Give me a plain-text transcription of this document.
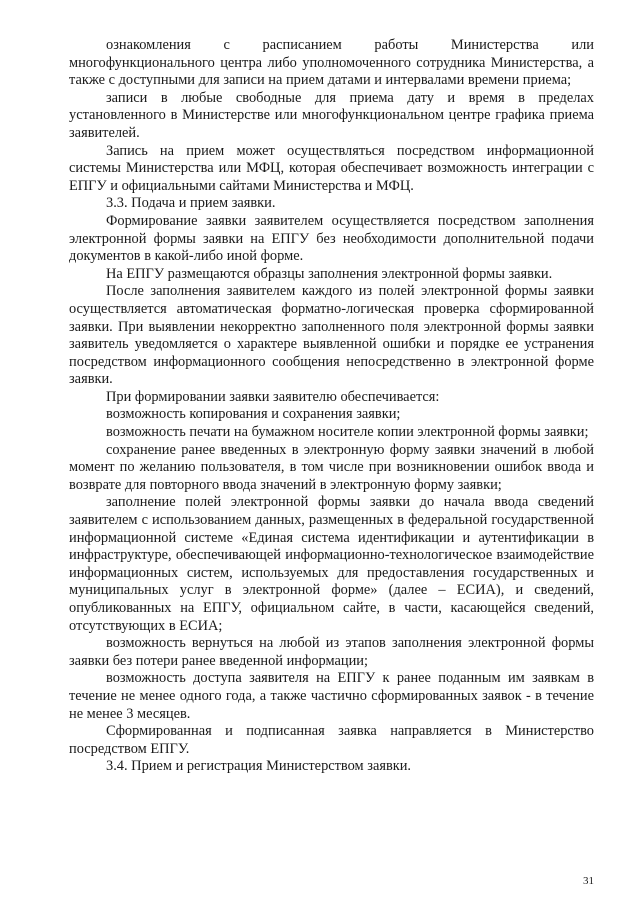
ознакомления с расписанием работы Министерства или многофункционального центра либо уполномоченного сотрудника Министерства, а также с доступными для записи на прием датами и интервалами времени приема;

записи в любые свободные для приема дату и время в пределах установленного в Министерстве или многофункциональном центре графика приема заявителей.

Запись на прием может осуществляться посредством информационной системы Министерства или МФЦ, которая обеспечивает возможность интеграции с ЕПГУ и официальными сайтами Министерства и МФЦ.

3.3. Подача и прием заявки.

Формирование заявки заявителем осуществляется посредством заполнения электронной формы заявки на ЕПГУ без необходимости дополнительной подачи документов в какой-либо иной форме.

На ЕПГУ размещаются образцы заполнения электронной формы заявки.

После заполнения заявителем каждого из полей электронной формы заявки осуществляется автоматическая форматно-логическая проверка сформированной заявки. При выявлении некорректно заполненного поля электронной формы заявки заявитель уведомляется о характере выявленной ошибки и порядке ее устранения посредством информационного сообщения непосредственно в электронной форме заявки.

При формировании заявки заявителю обеспечивается:

возможность копирования и сохранения заявки;

возможность печати на бумажном носителе копии электронной формы заявки;

сохранение ранее введенных в электронную форму заявки значений в любой момент по желанию пользователя, в том числе при возникновении ошибок ввода и возврате для повторного ввода значений в электронную форму заявки;

заполнение полей электронной формы заявки до начала ввода сведений заявителем с использованием данных, размещенных в федеральной государственной информационной системе «Единая система идентификации и аутентификации в инфраструктуре, обеспечивающей информационно-технологическое взаимодействие информационных систем, используемых для предоставления государственных и муниципальных услуг в электронной форме» (далее – ЕСИА), и сведений, опубликованных на ЕПГУ, официальном сайте, в части, касающейся сведений, отсутствующих в ЕСИА;

возможность вернуться на любой из этапов заполнения электронной формы заявки без потери ранее введенной информации;

возможность доступа заявителя на ЕПГУ к ранее поданным им заявкам в течение не менее одного года, а также частично сформированных заявок - в течение не менее 3 месяцев.

Сформированная и подписанная заявка направляется в Министерство посредством ЕПГУ.

3.4. Прием и регистрация Министерством заявки.

31
